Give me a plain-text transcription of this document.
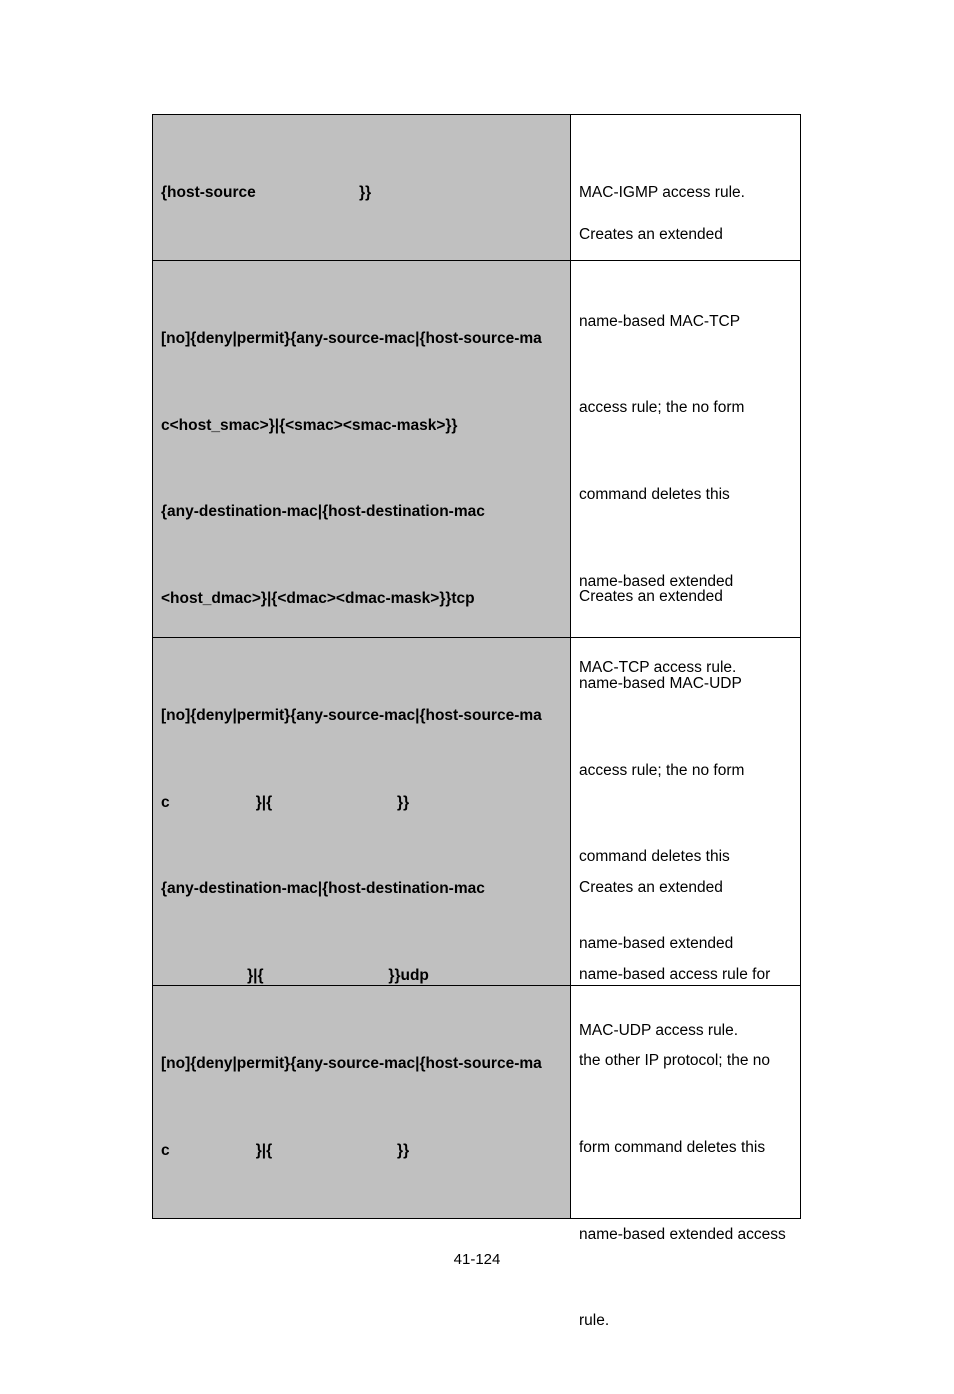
{host-source                        }}

	MAC-IGMP access rule.

[no]{deny|permit}{any-source-mac|{host-source-ma

c<host_smac>}|{<smac><smac-mask>}}

{any-destination-mac|{host-destination-mac

<host_dmac>}|{<dmac><dmac-mask>}}tcp

Creates an extended

name-based MAC-TCP

access rule; the no form

command deletes this

name-based extended

MAC-TCP access rule.

[no]{deny|permit}{any-source-mac|{host-source-ma

c                    }|{                             }}

{any-destination-mac|{host-destination-mac

}|{                             }}udp

Creates an extended

name-based MAC-UDP

access rule; the no form

command deletes this

name-based extended

MAC-UDP access rule.

[no]{deny|permit}{any-source-mac|{host-source-ma

c                    }|{                             }}

Creates an extended

name-based access rule for

the other IP protocol; the no

form command deletes this

name-based extended access

rule.

41-124
